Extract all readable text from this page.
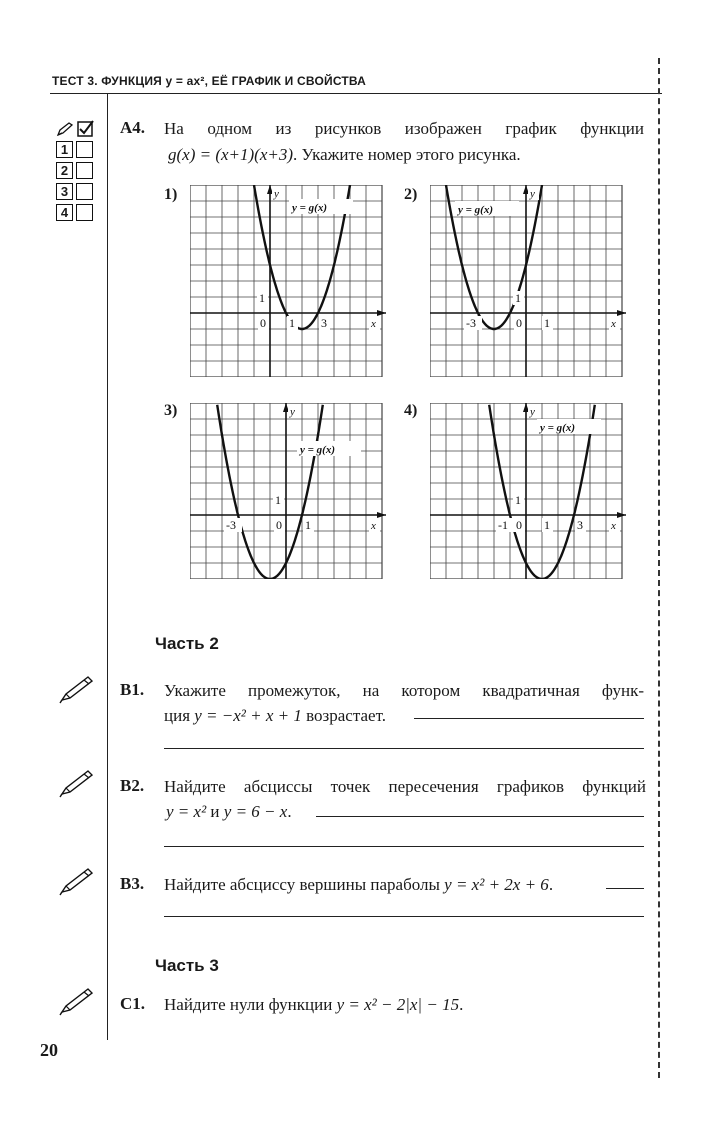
ТЕСТ 3. ФУНКЦИЯ y = ax², ЕЁ ГРАФИК И СВОЙСТВА
1
2
3
4
А4. На одном из рисунков изображен график функции
g(x) = (x+1)(x+3). Укажите номер этого рисунка.
1)	2)
3)	4)
y = g(x)
y
x
0
1
1 3
y = g(x)
y
x
0
1
-3	1
y = g(x)
y
x
0
1
-3	1
y = g(x)
y
x
0
1
-1	3
1
Часть 2
В1. Укажите промежуток, на котором квадратичная функ-
ция y = −x² + x + 1 возрастает.
В2. Найдите абсциссы точек пересечения графиков функций
y = x² и y = 6 − x.
В3. Найдите абсциссу вершины параболы y = x² + 2x + 6.
Часть 3
С1. Найдите нули функции y = x² − 2|x| − 15.
20
